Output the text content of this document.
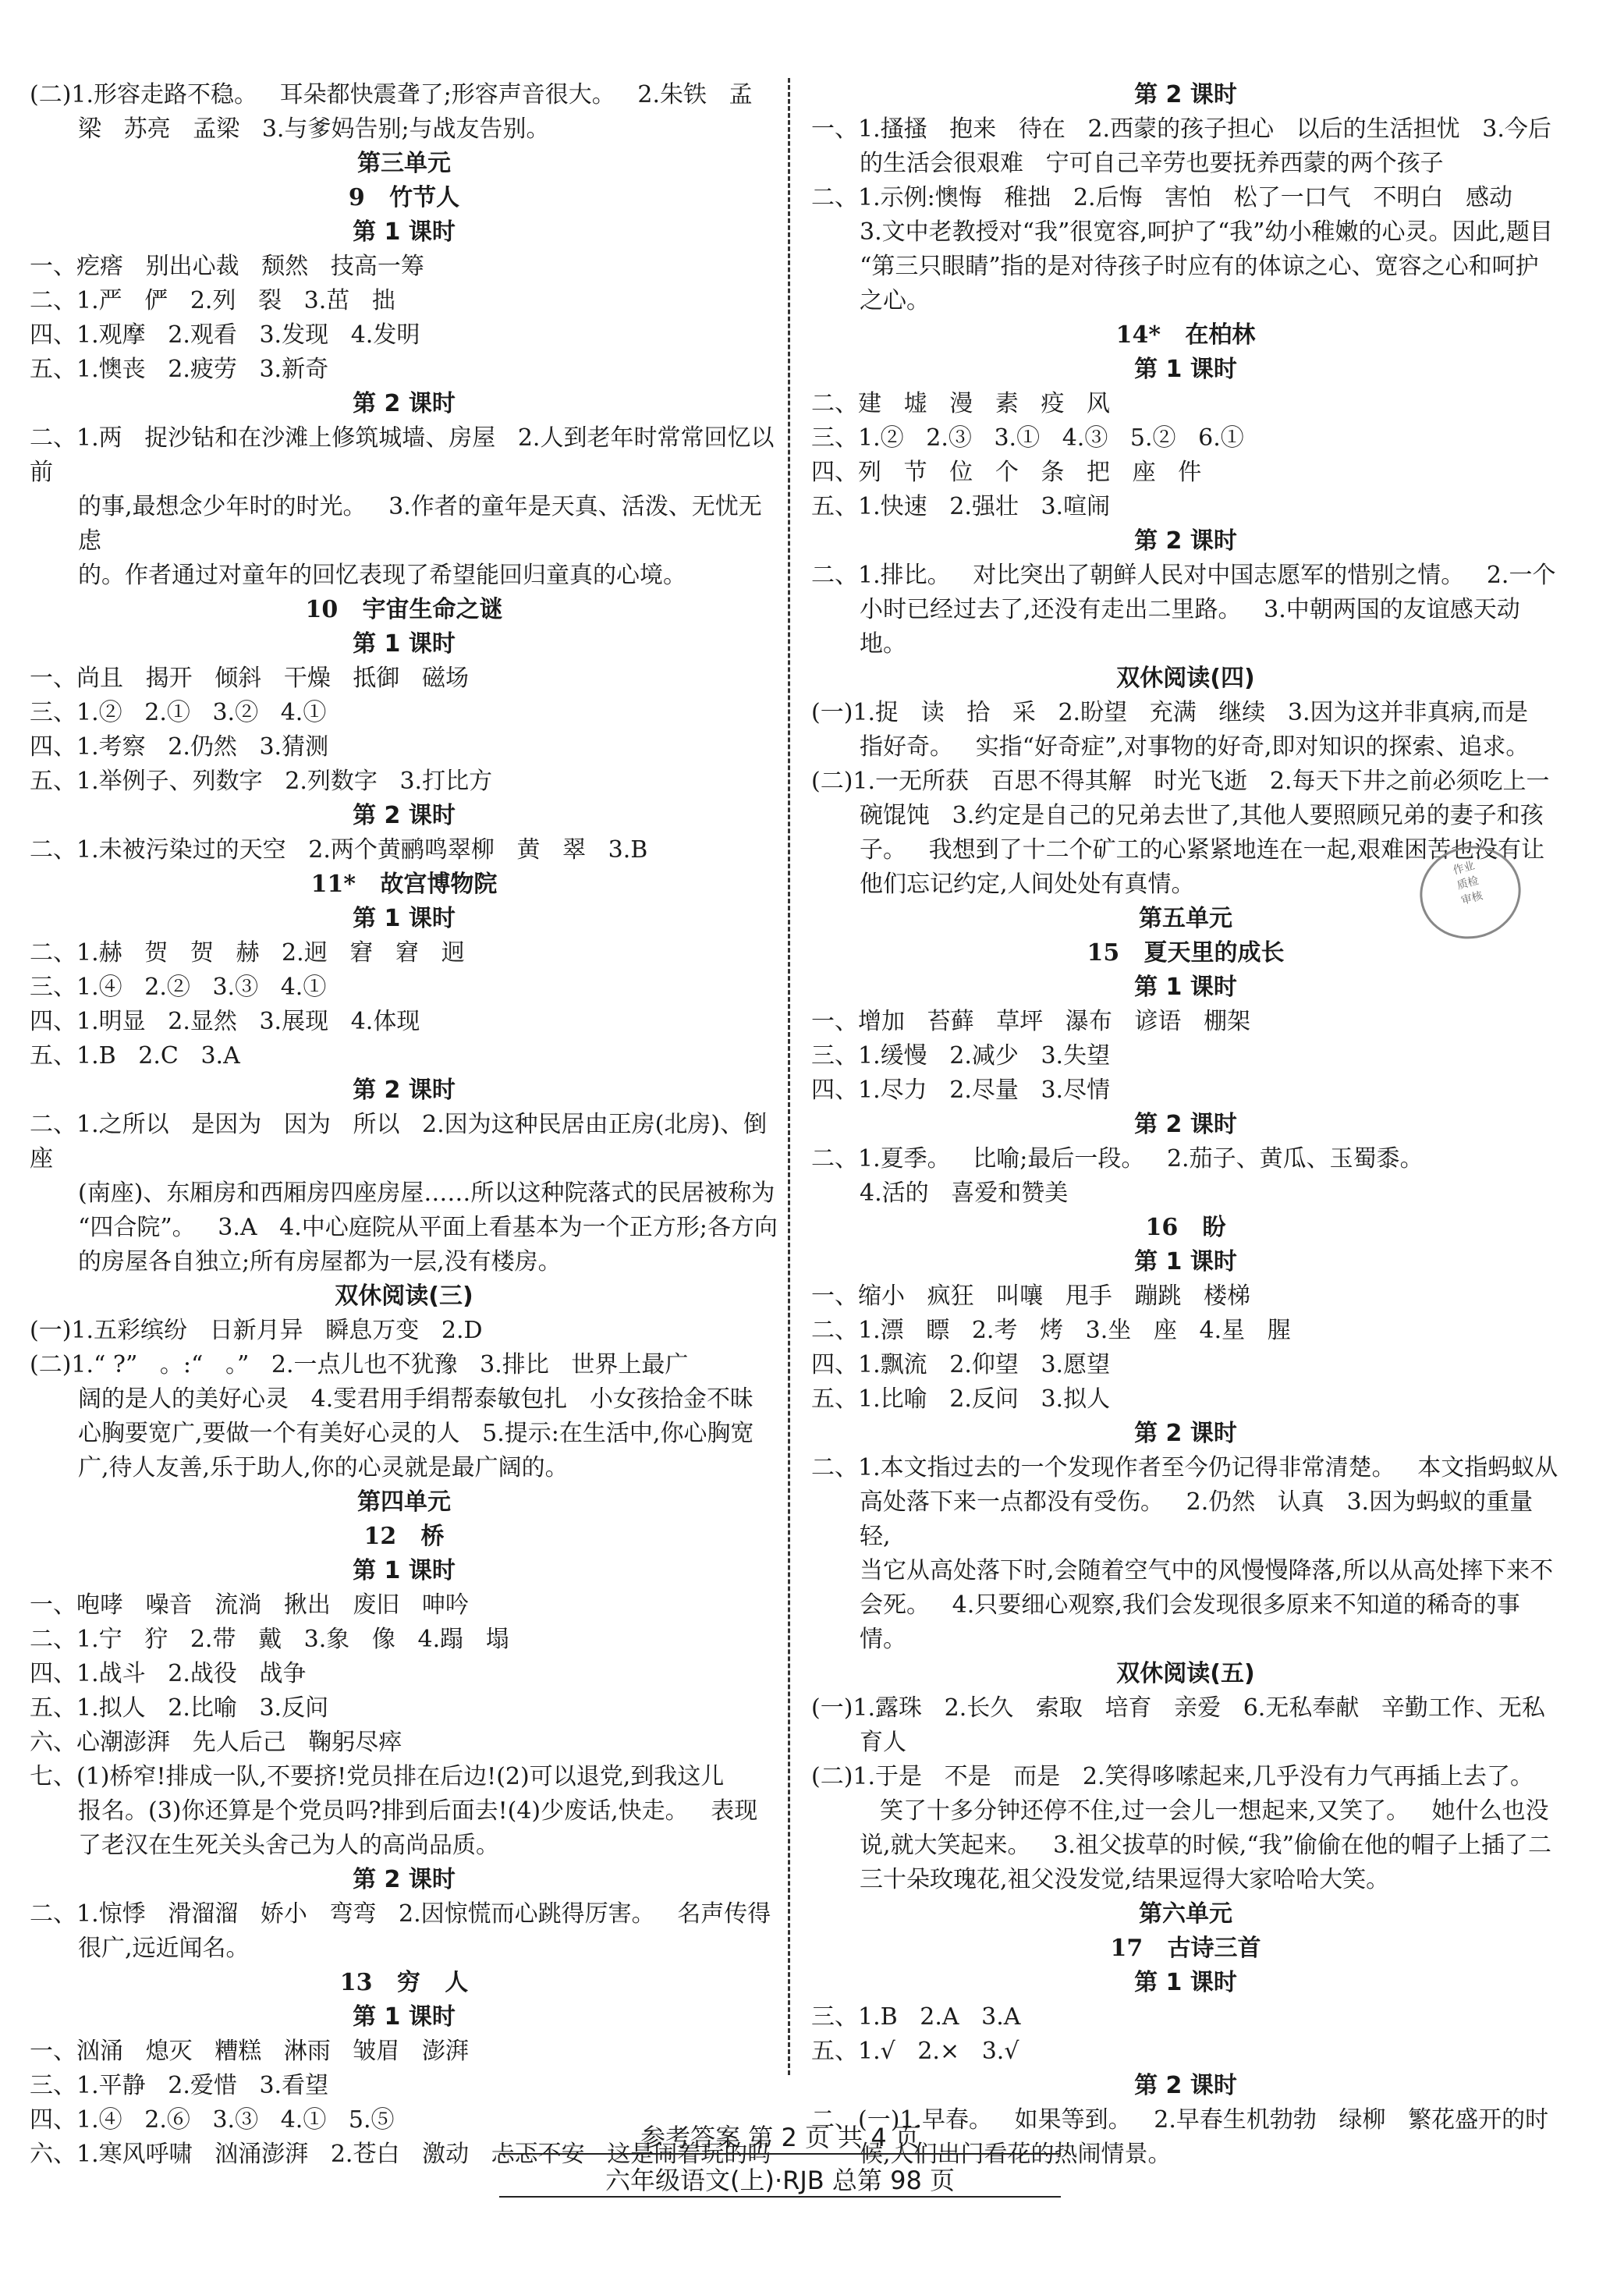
(二)1.形容走路不稳。   耳朵都快震聋了;形容声音很大。   2.朱铁   孟
梁   苏亮   孟梁   3.与爹妈告别;与战友告别。
第三单元
9   竹节人
第 1 课时
一、疙瘩   别出心裁   颓然   技高一筹
二、1.严   俨   2.列   裂   3.茁   拙
四、1.观摩   2.观看   3.发现   4.发明
五、1.懊丧   2.疲劳   3.新奇
第 2 课时
二、1.两   捉沙钻和在沙滩上修筑城墙、房屋   2.人到老年时常常回忆以前
的事,最想念少年时的时光。   3.作者的童年是天真、活泼、无忧无虑
的。作者通过对童年的回忆表现了希望能回归童真的心境。
10   宇宙生命之谜
第 1 课时
一、尚且   揭开   倾斜   干燥   抵御   磁场
三、1.②   2.①   3.②   4.①
四、1.考察   2.仍然   3.猜测
五、1.举例子、列数字   2.列数字   3.打比方
第 2 课时
二、1.未被污染过的天空   2.两个黄鹂鸣翠柳   黄   翠   3.B
11*   故宫博物院
第 1 课时
二、1.赫   贺   贺   赫   2.迥   窘   窘   迥
三、1.④   2.②   3.③   4.①
四、1.明显   2.显然   3.展现   4.体现
五、1.B   2.C   3.A
第 2 课时
二、1.之所以   是因为   因为   所以   2.因为这种民居由正房(北房)、倒座
(南座)、东厢房和西厢房四座房屋……所以这种院落式的民居被称为
“四合院”。   3.A   4.中心庭院从平面上看基本为一个正方形;各方向
的房屋各自独立;所有房屋都为一层,没有楼房。
双休阅读(三)
(一)1.五彩缤纷   日新月异   瞬息万变   2.D
(二)1.“ ?”   。:“   。”   2.一点儿也不犹豫   3.排比   世界上最广
阔的是人的美好心灵   4.雯君用手绢帮泰敏包扎   小女孩拾金不昧
心胸要宽广,要做一个有美好心灵的人   5.提示:在生活中,你心胸宽
广,待人友善,乐于助人,你的心灵就是最广阔的。
第四单元
12   桥
第 1 课时
一、咆哮   噪音   流淌   揪出   废旧   呻吟
二、1.宁   狞   2.带   戴   3.象   像   4.蹋   塌
四、1.战斗   2.战役   战争
五、1.拟人   2.比喻   3.反问
六、心潮澎湃   先人后己   鞠躬尽瘁
七、(1)桥窄!排成一队,不要挤!党员排在后边!(2)可以退党,到我这儿
报名。(3)你还算是个党员吗?排到后面去!(4)少废话,快走。   表现
了老汉在生死关头舍己为人的高尚品质。
第 2 课时
二、1.惊悸   滑溜溜   娇小   弯弯   2.因惊慌而心跳得厉害。   名声传得
很广,远近闻名。
13   穷   人
第 1 课时
一、汹涌   熄灭   糟糕   淋雨   皱眉   澎湃
三、1.平静   2.爱惜   3.看望
四、1.④   2.⑥   3.③   4.①   5.⑤
六、1.寒风呼啸   汹涌澎湃   2.苍白   激动   忐忑不安   这是闹着玩的吗
第 2 课时
一、1.搔搔   抱来   待在   2.西蒙的孩子担心   以后的生活担忧   3.今后
的生活会很艰难   宁可自己辛劳也要抚养西蒙的两个孩子
二、1.示例:懊悔   稚拙   2.后悔   害怕   松了一口气   不明白   感动
3.文中老教授对“我”很宽容,呵护了“我”幼小稚嫩的心灵。因此,题目
“第三只眼睛”指的是对待孩子时应有的体谅之心、宽容之心和呵护
之心。
14*   在柏林
第 1 课时
二、建   墟   漫   素   疫   风
三、1.②   2.③   3.①   4.③   5.②   6.①
四、列   节   位   个   条   把   座   件
五、1.快速   2.强壮   3.喧闹
第 2 课时
二、1.排比。   对比突出了朝鲜人民对中国志愿军的惜别之情。   2.一个
小时已经过去了,还没有走出二里路。   3.中朝两国的友谊感天动地。
双休阅读(四)
(一)1.捉   读   拾   采   2.盼望   充满   继续   3.因为这并非真病,而是
指好奇。   实指“好奇症”,对事物的好奇,即对知识的探索、追求。
(二)1.一无所获   百思不得其解   时光飞逝   2.每天下井之前必须吃上一
碗馄饨   3.约定是自己的兄弟去世了,其他人要照顾兄弟的妻子和孩
子。   我想到了十二个矿工的心紧紧地连在一起,艰难困苦也没有让
他们忘记约定,人间处处有真情。
第五单元
15   夏天里的成长
第 1 课时
一、增加   苔藓   草坪   瀑布   谚语   棚架
三、1.缓慢   2.减少   3.失望
四、1.尽力   2.尽量   3.尽情
第 2 课时
二、1.夏季。   比喻;最后一段。   2.茄子、黄瓜、玉蜀黍。
4.活的   喜爱和赞美
16   盼
第 1 课时
一、缩小   疯狂   叫嚷   甩手   蹦跳   楼梯
二、1.漂   瞟   2.考   烤   3.坐   座   4.星   腥
四、1.飘流   2.仰望   3.愿望
五、1.比喻   2.反问   3.拟人
第 2 课时
二、1.本文指过去的一个发现作者至今仍记得非常清楚。   本文指蚂蚁从
高处落下来一点都没有受伤。   2.仍然   认真   3.因为蚂蚁的重量轻,
当它从高处落下时,会随着空气中的风慢慢降落,所以从高处摔下来不
会死。   4.只要细心观察,我们会发现很多原来不知道的稀奇的事情。
双休阅读(五)
(一)1.露珠   2.长久   索取   培育   亲爱   6.无私奉献   辛勤工作、无私
育人
(二)1.于是   不是   而是   2.笑得哆嗦起来,几乎没有力气再插上去了。
笑了十多分钟还停不住,过一会儿一想起来,又笑了。   她什么也没
说,就大笑起来。   3.祖父拔草的时候,“我”偷偷在他的帽子上插了二
三十朵玫瑰花,祖父没发觉,结果逗得大家哈哈大笑。
第六单元
17   古诗三首
第 1 课时
三、1.B   2.A   3.A
五、1.√   2.×   3.√
第 2 课时
二、(一)1.早春。   如果等到。   2.早春生机勃勃   绿柳   繁花盛开的时
候,人们出门看花的热闹情景。
作业
质检
审核
参考答案 第 2 页 共 4 页
六年级语文(上)·RJB 总第 98 页
